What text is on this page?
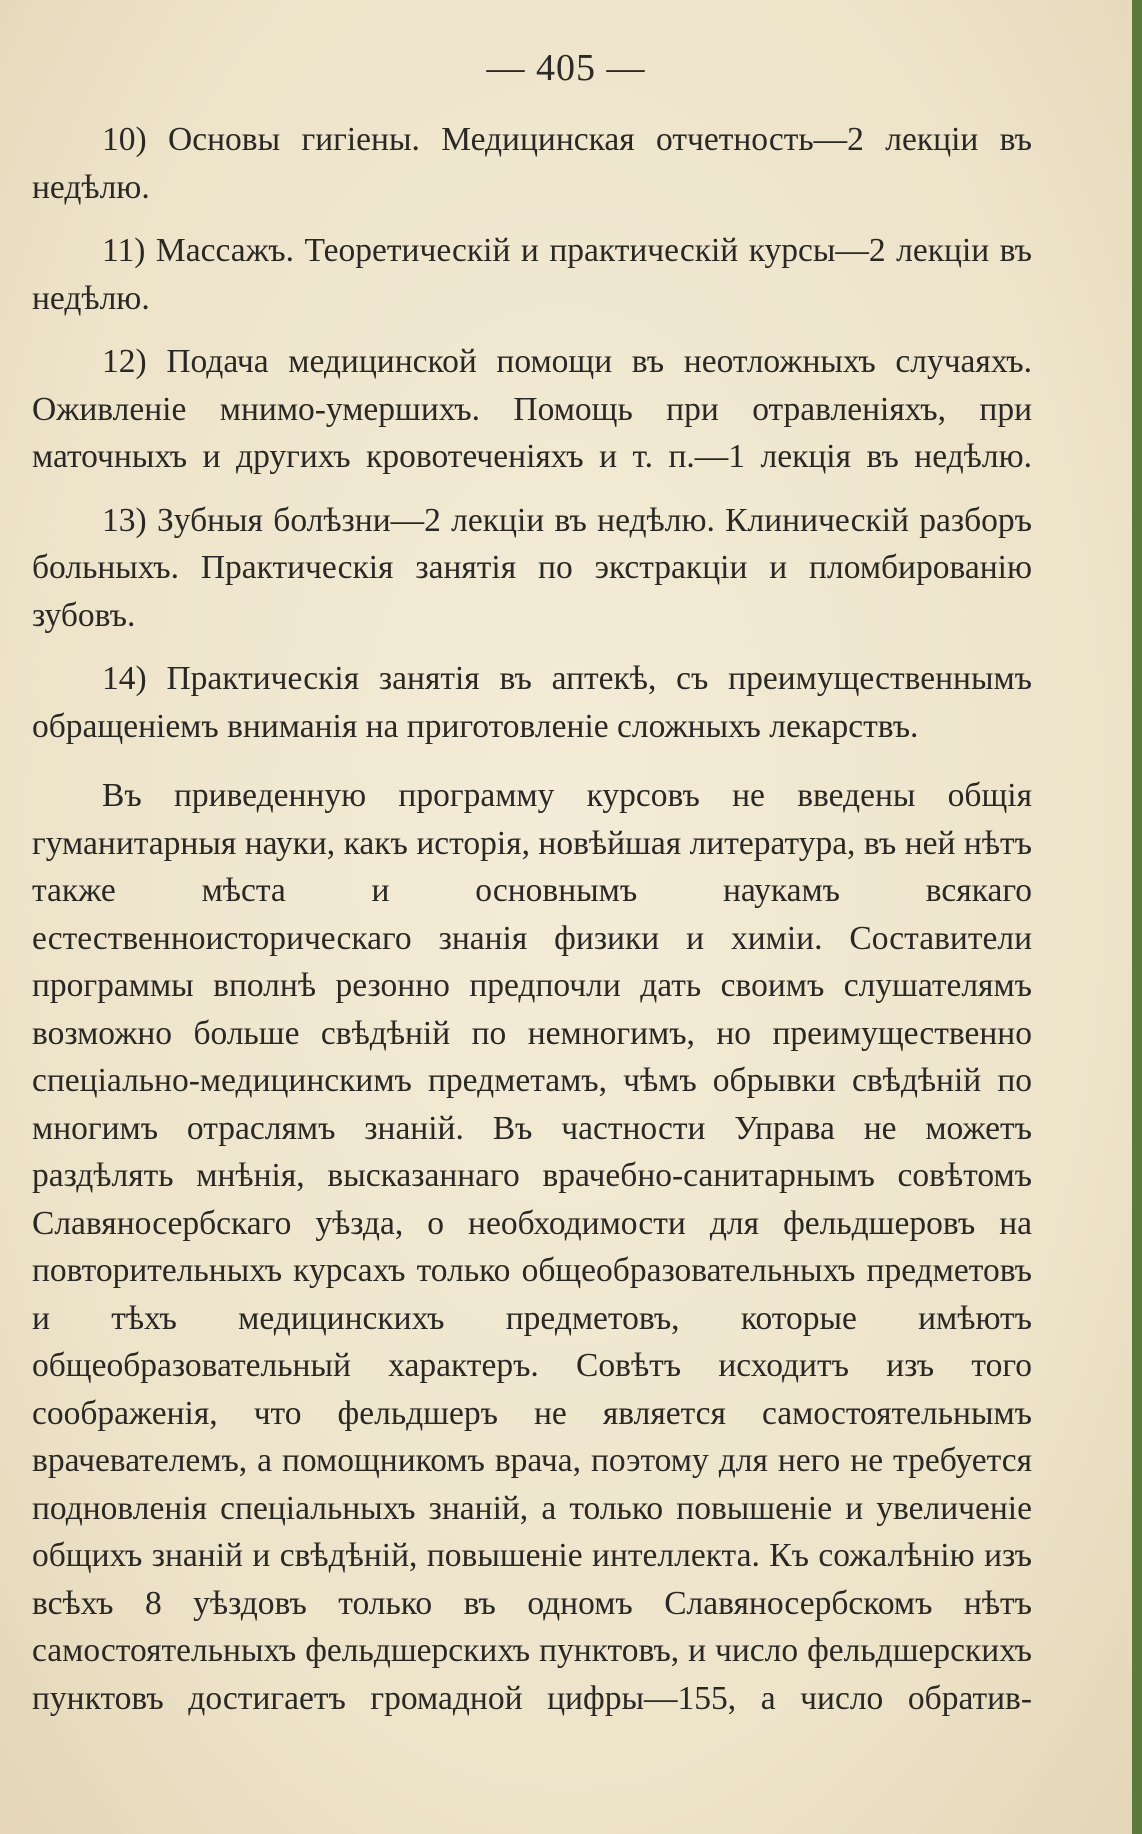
— 405 —

10) Основы гигіены. Медицинская отчетность—2 лекціи въ недѣлю.

11) Массажъ. Теоретическій и практическій курсы—2 лекціи въ недѣлю.

12) Подача медицинской помощи въ неотложныхъ случаяхъ. Оживленіе мнимо-умершихъ. Помощь при отравленіяхъ, при маточныхъ и другихъ кровотеченіяхъ и т. п.—1 лекція въ недѣлю.

13) Зубныя болѣзни—2 лекціи въ недѣлю. Клиническій разборъ больныхъ. Практическія занятія по экстракціи и пломбированію зубовъ.

14) Практическія занятія въ аптекѣ, съ преимущественнымъ обращеніемъ вниманія на приготовленіе сложныхъ лекарствъ.

Въ приведенную программу курсовъ не введены общія гуманитарныя науки, какъ исторія, новѣйшая литература, въ ней нѣтъ также мѣста и основнымъ наукамъ всякаго естественноисторическаго знанія физики и химіи. Составители программы вполнѣ резонно предпочли дать своимъ слушателямъ возможно больше свѣдѣній по немногимъ, но преимущественно спеціально-медицинскимъ предметамъ, чѣмъ обрывки свѣдѣній по многимъ отраслямъ знаній. Въ частности Управа не можетъ раздѣлять мнѣнія, высказаннаго врачебно-санитарнымъ совѣтомъ Славяносербскаго уѣзда, о необходимости для фельдшеровъ на повторительныхъ курсахъ только общеобразовательныхъ предметовъ и тѣхъ медицинскихъ предметовъ, которые имѣютъ общеобразовательный характеръ. Совѣтъ исходитъ изъ того соображенія, что фельдшеръ не является самостоятельнымъ врачевателемъ, а помощникомъ врача, поэтому для него не требуется подновленія спеціальныхъ знаній, а только повышеніе и увеличеніе общихъ знаній и свѣдѣній, повышеніе интеллекта. Къ сожалѣнію изъ всѣхъ 8 уѣздовъ только въ одномъ Славяносербскомъ нѣтъ самостоятельныхъ фельдшерскихъ пунктовъ, и число фельдшерскихъ пунктовъ достигаетъ громадной цифры—155, а число обратив-
